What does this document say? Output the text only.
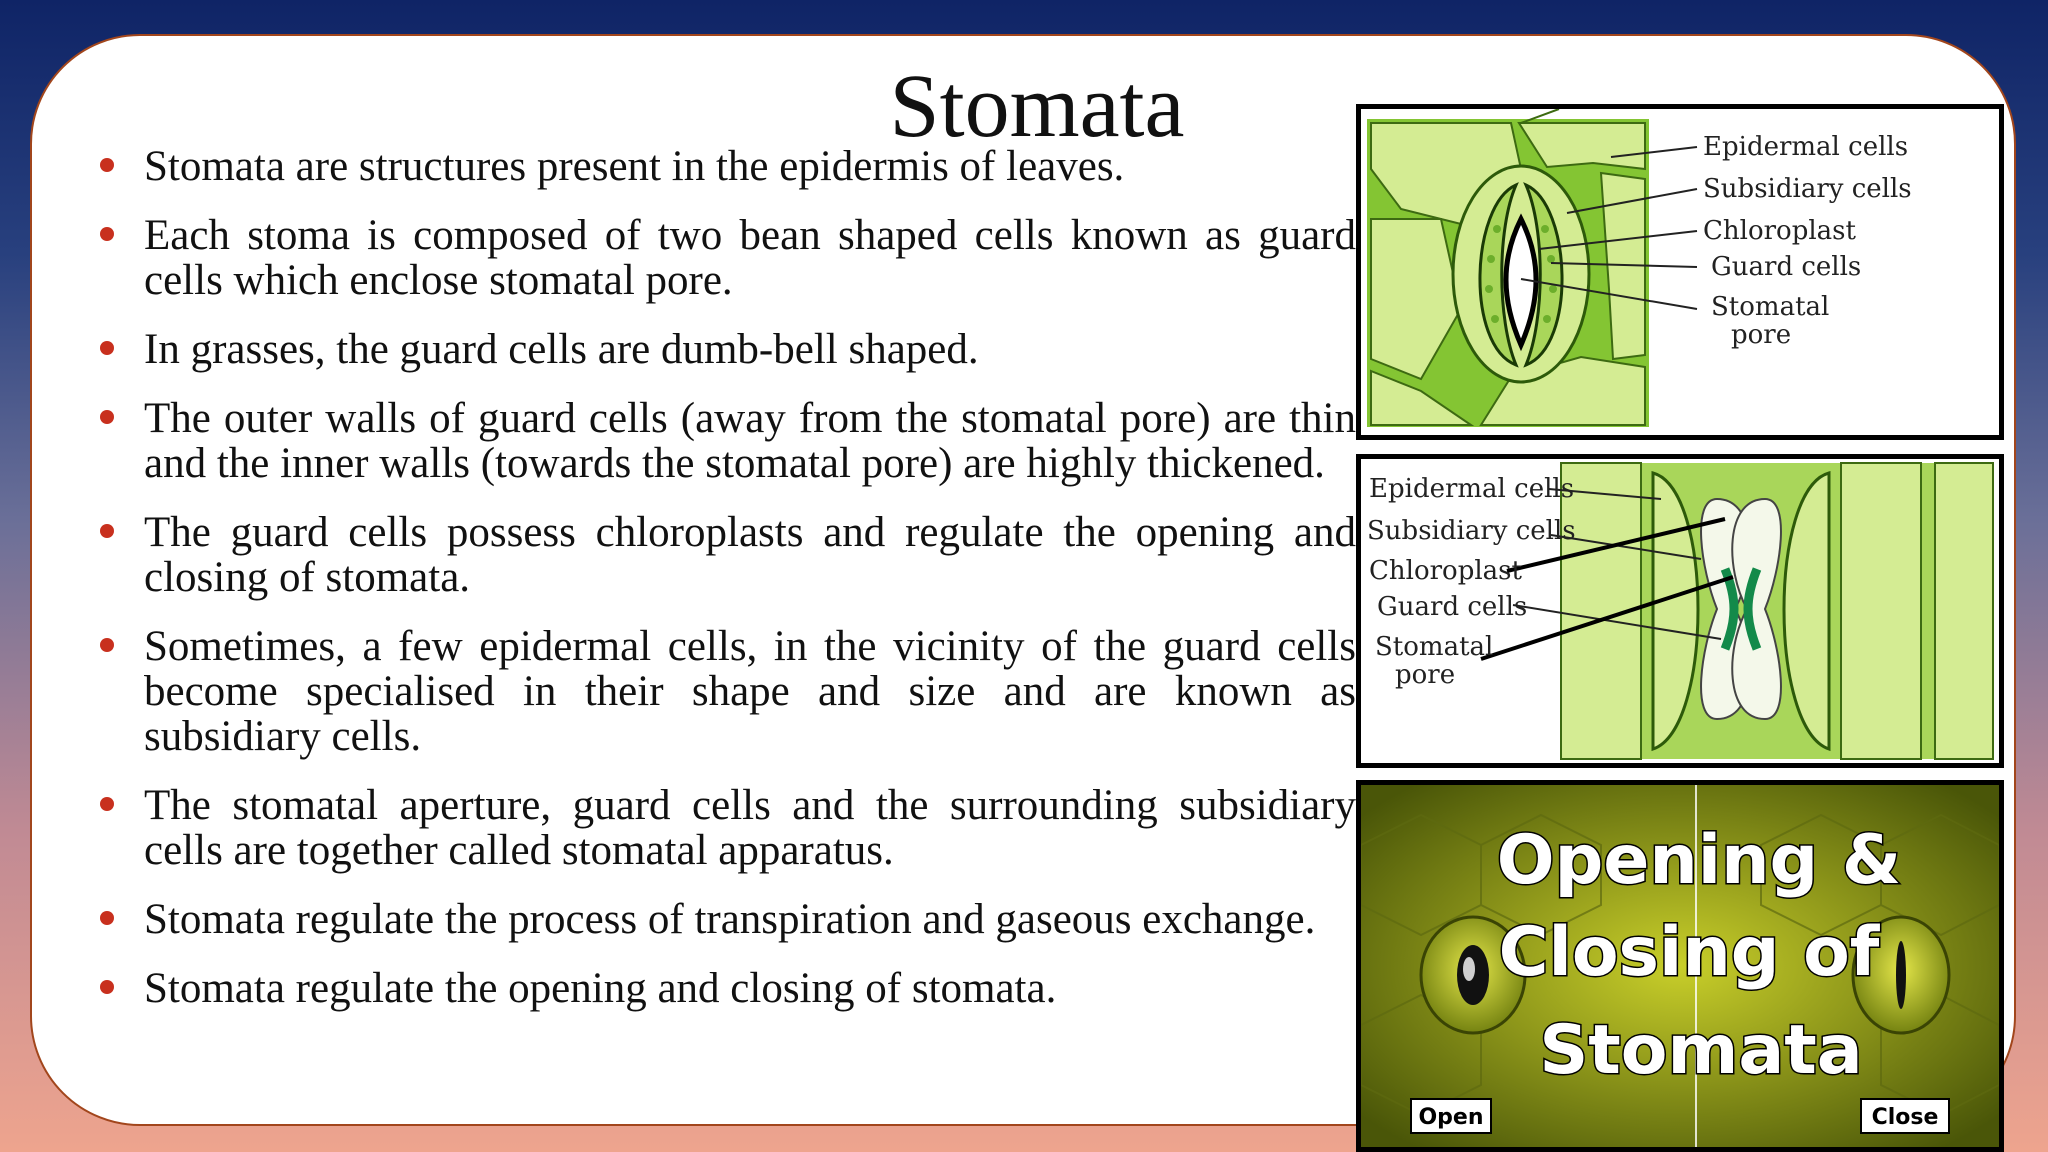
Stomata
Stomata are structures present in the epidermis of leaves.
Each stoma is composed of two bean shaped cells known as guard cells which enclose stomatal pore.
In grasses, the guard cells are dumb-bell shaped.
The outer walls of guard cells (away from the stomatal pore) are thin and the inner walls (towards the stomatal pore) are highly thickened.
The guard cells possess chloroplasts and regulate the opening and closing of stomata.
Sometimes, a few epidermal cells, in the vicinity of the guard cells become specialised in their shape and size and are known as subsidiary cells.
The stomatal aperture, guard cells and the surrounding subsidiary cells are together called stomatal apparatus.
Stomata regulate the process of transpiration and gaseous exchange.
Stomata regulate the opening and closing of stomata.
Epidermal cells
Subsidiary cells
Chloroplast
Guard cells
Stomatal
pore
Epidermal cells
Subsidiary cells
Chloroplast
Guard cells
Stomatal
pore
Opening &
Closing of
Stomata
Open	Close
